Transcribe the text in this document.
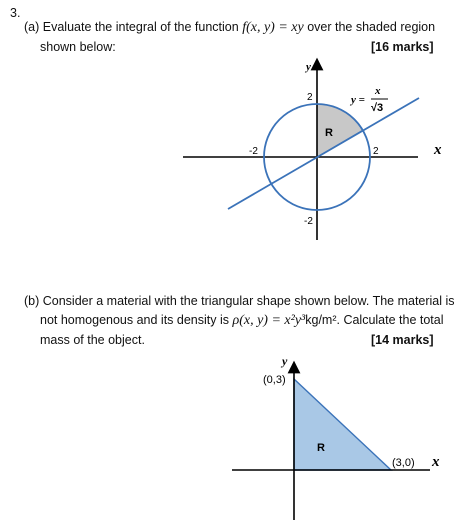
3.
(a) Evaluate the integral of the function f(x, y) = xy over the shaded region
shown below:	[16 marks]
(b) Consider a material with the triangular shape shown below. The material is
not homogenous and its density is ρ(x, y) = x²y³kg/m². Calculate the total
mass of the object.	[14 marks]
y
x
2
-2
2
-2
R
y =
x
√3
y
x
(0,3)
(3,0)
R
